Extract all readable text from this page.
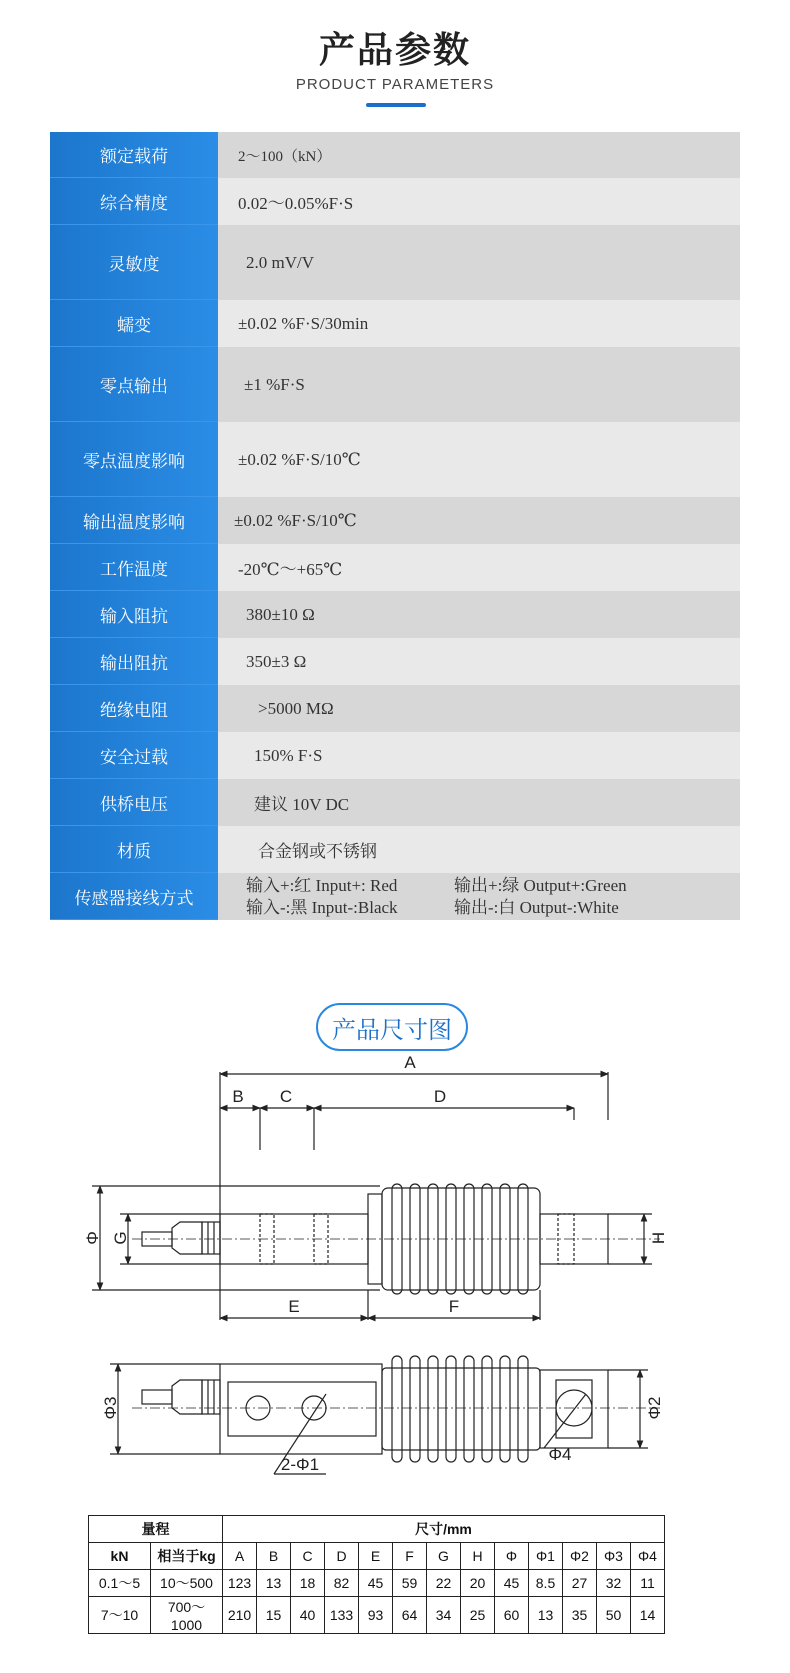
产品参数
PRODUCT PARAMETERS
额定载荷	2～100（kN）
综合精度	0.02～0.05%F·S
灵敏度	2.0 mV/V
蠕变	±0.02 %F·S/30min
零点输出	±1 %F·S
零点温度影响	±0.02 %F·S/10℃
输出温度影响	±0.02 %F·S/10℃
工作温度	-20℃～+65℃
输入阻抗	380±10 Ω
输出阻抗	350±3 Ω
绝缘电阻	>5000 MΩ
安全过载	150% F·S
供桥电压	建议 10V DC
材质	合金钢或不锈钢
传感器接线方式
输入+:红 Input+: Red	输出+:绿 Output+:Green
输入-:黑 Input-:Black	输出-:白 Output-:White
产品尺寸图
A
B C	D
E	F
Φ G	H
Φ3	Φ2
2-Φ1
Φ4
量程		尺寸/mm												
kN	相当于kg	A	B	C	D	E	F	G	H	Φ	Φ1	Φ2	Φ3	Φ4
0.1～5	10～500	123	13	18	82	45	59	22	20	45	8.5	27	32	11
7～10	700～1000	210	15	40	133	93	64	34	25	60	13	35	50	14
